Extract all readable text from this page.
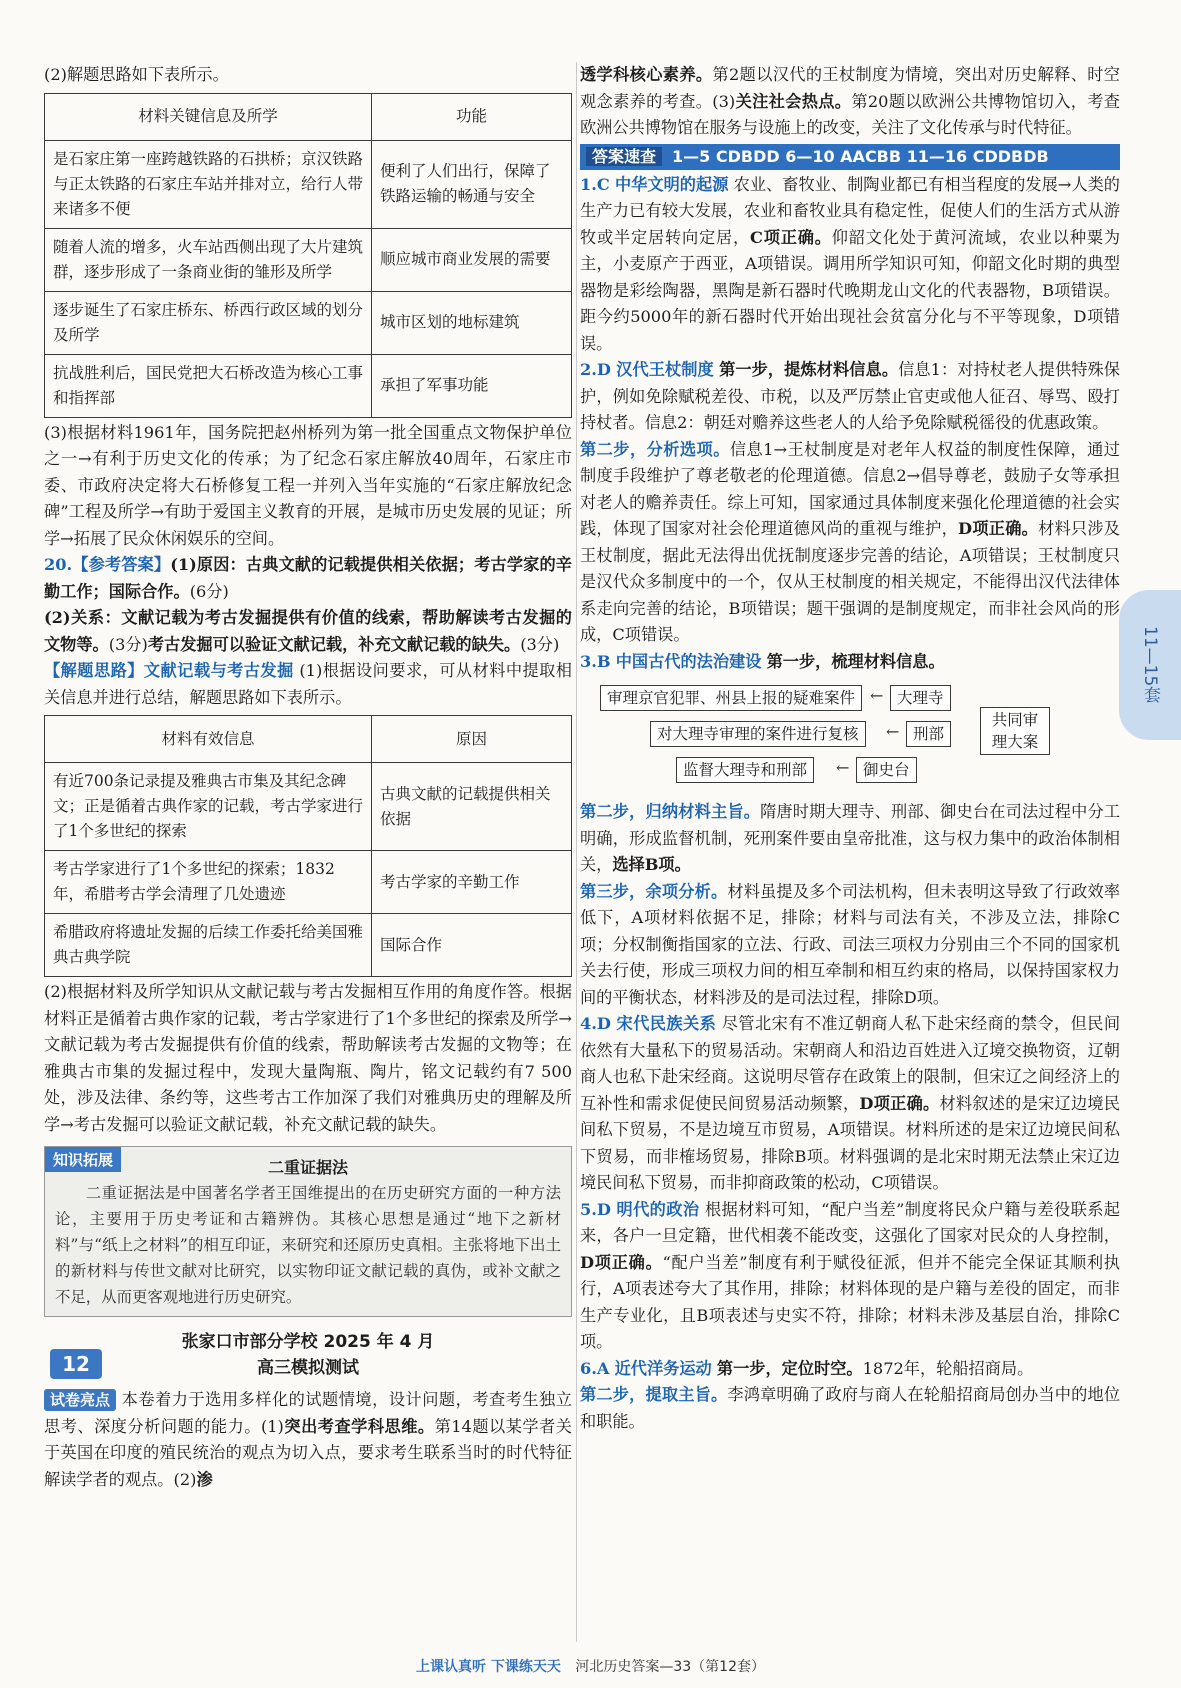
(2)解题思路如下表所示。

材料关键信息及所学	功能
是石家庄第一座跨越铁路的石拱桥；京汉铁路与正太铁路的石家庄车站并排对立，给行人带来诸多不便	便利了人们出行，保障了铁路运输的畅通与安全
随着人流的增多，火车站西侧出现了大片建筑群，逐步形成了一条商业街的雏形及所学	顺应城市商业发展的需要
逐步诞生了石家庄桥东、桥西行政区域的划分及所学	城市区划的地标建筑
抗战胜利后，国民党把大石桥改造为核心工事和指挥部	承担了军事功能

(3)根据材料1961年，国务院把赵州桥列为第一批全国重点文物保护单位之一→有利于历史文化的传承；为了纪念石家庄解放40周年，石家庄市委、市政府决定将大石桥修复工程一并列入当年实施的“石家庄解放纪念碑”工程及所学→有助于爱国主义教育的开展，是城市历史发展的见证；所学→拓展了民众休闲娱乐的空间。

20.【参考答案】(1)原因：古典文献的记载提供相关依据；考古学家的辛勤工作；国际合作。(6分)

(2)关系：文献记载为考古发掘提供有价值的线索，帮助解读考古发掘的文物等。(3分)考古发掘可以验证文献记载，补充文献记载的缺失。(3分)

【解题思路】文献记载与考古发掘 (1)根据设问要求，可从材料中提取相关信息并进行总结，解题思路如下表所示。

材料有效信息	原因
有近700条记录提及雅典古市集及其纪念碑文；正是循着古典作家的记载，考古学家进行了1个多世纪的探索	古典文献的记载提供相关依据
考古学家进行了1个多世纪的探索；1832年，希腊考古学会清理了几处遗迹	考古学家的辛勤工作
希腊政府将遗址发掘的后续工作委托给美国雅典古典学院	国际合作

(2)根据材料及所学知识从文献记载与考古发掘相互作用的角度作答。根据材料正是循着古典作家的记载，考古学家进行了1个多世纪的探索及所学→文献记载为考古发掘提供有价值的线索，帮助解读考古发掘的文物等；在雅典古市集的发掘过程中，发现大量陶瓶、陶片，铭文记载约有7 500处，涉及法律、条约等，这些考古工作加深了我们对雅典历史的理解及所学→考古发掘可以验证文献记载，补充文献记载的缺失。

知识拓展	二重证据法

二重证据法是中国著名学者王国维提出的在历史研究方面的一种方法论，主要用于历史考证和古籍辨伪。其核心思想是通过“地下之新材料”与“纸上之材料”的相互印证，来研究和还原历史真相。主张将地下出土的新材料与传世文献对比研究，以实物印证文献记载的真伪，或补文献之不足，从而更客观地进行历史研究。

12
张家口市部分学校 2025 年 4 月
高三模拟测试

试卷亮点 本卷着力于选用多样化的试题情境，设计问题，考查考生独立思考、深度分析问题的能力。(1)突出考查学科思维。第14题以某学者关于英国在印度的殖民统治的观点为切入点，要求考生联系当时的时代特征解读学者的观点。(2)渗

透学科核心素养。第2题以汉代的王杖制度为情境，突出对历史解释、时空观念素养的考查。(3)关注社会热点。第20题以欧洲公共博物馆切入，考查欧洲公共博物馆在服务与设施上的改变，关注了文化传承与时代特征。

答案速查 1—5 CDBDD 6—10 AACBB 11—16 CDDBDB

1.C 中华文明的起源 农业、畜牧业、制陶业都已有相当程度的发展→人类的生产力已有较大发展，农业和畜牧业具有稳定性，促使人们的生活方式从游牧或半定居转向定居，C项正确。仰韶文化处于黄河流域，农业以种粟为主，小麦原产于西亚，A项错误。调用所学知识可知，仰韶文化时期的典型器物是彩绘陶器，黑陶是新石器时代晚期龙山文化的代表器物，B项错误。距今约5000年的新石器时代开始出现社会贫富分化与不平等现象，D项错误。

2.D 汉代王杖制度 第一步，提炼材料信息。信息1：对持杖老人提供特殊保护，例如免除赋税差役、市税，以及严厉禁止官吏或他人征召、辱骂、殴打持杖者。信息2：朝廷对赡养这些老人的人给予免除赋税徭役的优惠政策。

第二步，分析选项。信息1→王杖制度是对老年人权益的制度性保障，通过制度手段维护了尊老敬老的伦理道德。信息2→倡导尊老，鼓励子女等承担对老人的赡养责任。综上可知，国家通过具体制度来强化伦理道德的社会实践，体现了国家对社会伦理道德风尚的重视与维护，D项正确。材料只涉及王杖制度，据此无法得出优抚制度逐步完善的结论，A项错误；王杖制度只是汉代众多制度中的一个，仅从王杖制度的相关规定，不能得出汉代法律体系走向完善的结论，B项错误；题干强调的是制度规定，而非社会风尚的形成，C项错误。

3.B 中国古代的法治建设 第一步，梳理材料信息。

审理京官犯罪、州县上报的疑难案件 ← 大理寺
对大理寺审理的案件进行复核	← 刑部
监督大理寺和刑部	← 御史台
共同审理大案

第二步，归纳材料主旨。隋唐时期大理寺、刑部、御史台在司法过程中分工明确，形成监督机制，死刑案件要由皇帝批准，这与权力集中的政治体制相关，选择B项。

第三步，余项分析。材料虽提及多个司法机构，但未表明这导致了行政效率低下，A项材料依据不足，排除；材料与司法有关，不涉及立法，排除C项；分权制衡指国家的立法、行政、司法三项权力分别由三个不同的国家机关去行使，形成三项权力间的相互牵制和相互约束的格局，以保持国家权力间的平衡状态，材料涉及的是司法过程，排除D项。

4.D 宋代民族关系 尽管北宋有不准辽朝商人私下赴宋经商的禁令，但民间依然有大量私下的贸易活动。宋朝商人和沿边百姓进入辽境交换物资，辽朝商人也私下赴宋经商。这说明尽管存在政策上的限制，但宋辽之间经济上的互补性和需求促使民间贸易活动频繁，D项正确。材料叙述的是宋辽边境民间私下贸易，不是边境互市贸易，A项错误。材料所述的是宋辽边境民间私下贸易，而非榷场贸易，排除B项。材料强调的是北宋时期无法禁止宋辽边境民间私下贸易，而非抑商政策的松动，C项错误。

5.D 明代的政治 根据材料可知，“配户当差”制度将民众户籍与差役联系起来，各户一旦定籍，世代相袭不能改变，这强化了国家对民众的人身控制，D项正确。“配户当差”制度有利于赋役征派，但并不能完全保证其顺利执行，A项表述夸大了其作用，排除；材料体现的是户籍与差役的固定，而非生产专业化，且B项表述与史实不符，排除；材料未涉及基层自治，排除C项。

6.A 近代洋务运动 第一步，定位时空。1872年，轮船招商局。

第二步，提取主旨。李鸿章明确了政府与商人在轮船招商局创办当中的地位和职能。

11—15套
上课认真听 下课练天天 河北历史答案—33（第12套）
